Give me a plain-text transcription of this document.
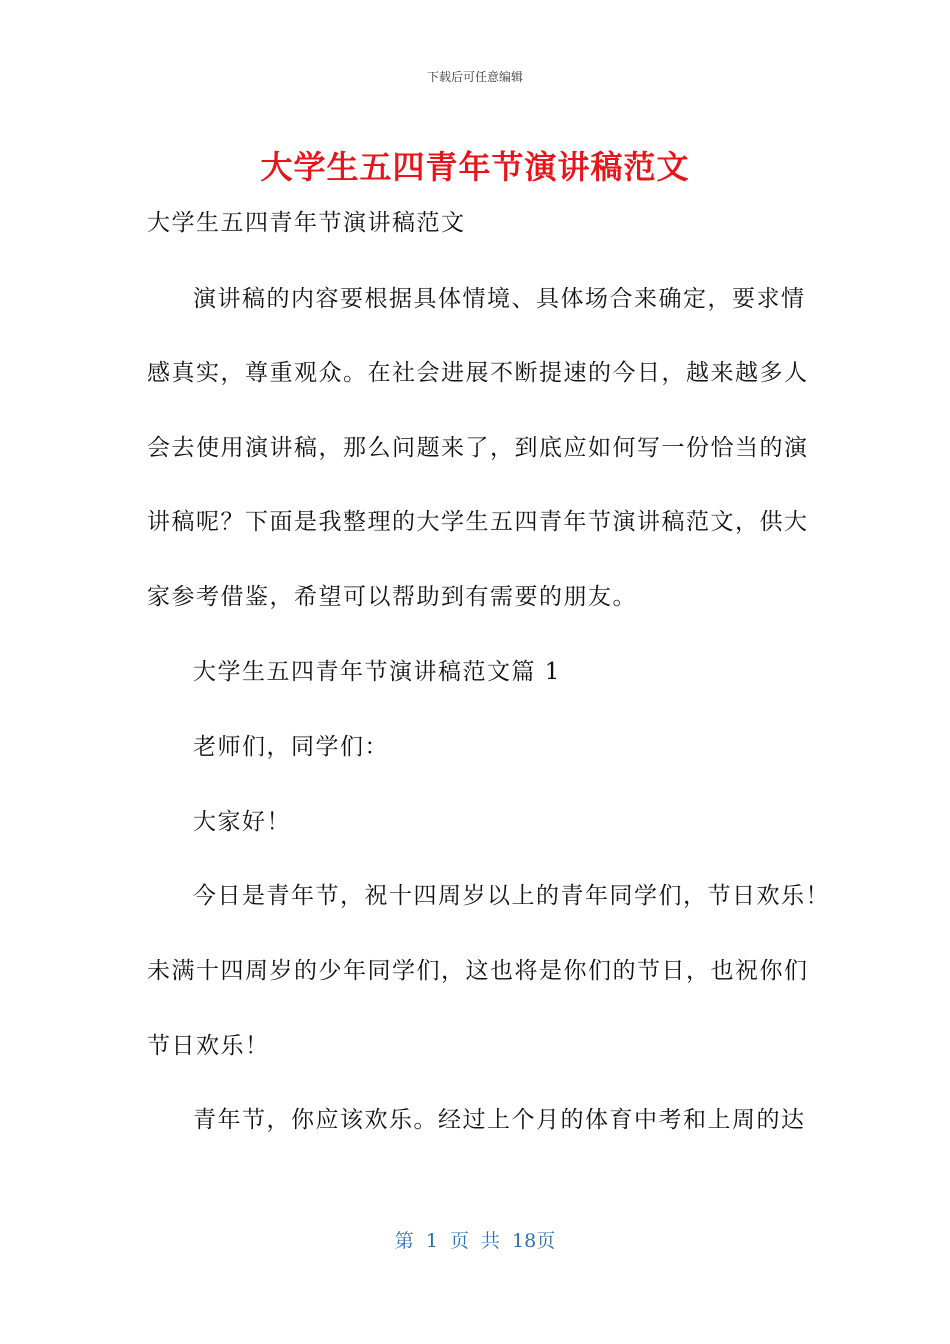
下载后可任意编辑
大学生五四青年节演讲稿范文
大学生五四青年节演讲稿范文
演讲稿的内容要根据具体情境、具体场合来确定，要求情
感真实，尊重观众。在社会进展不断提速的今日，越来越多人
会去使用演讲稿，那么问题来了，到底应如何写一份恰当的演
讲稿呢？下面是我整理的大学生五四青年节演讲稿范文，供大
家参考借鉴，希望可以帮助到有需要的朋友。
大学生五四青年节演讲稿范文篇 1
老师们，同学们：
大家好！
今日是青年节，祝十四周岁以上的青年同学们，节日欢乐！
未满十四周岁的少年同学们，这也将是你们的节日，也祝你们
节日欢乐！
青年节，你应该欢乐。经过上个月的体育中考和上周的达
第 1 页 共 18页
